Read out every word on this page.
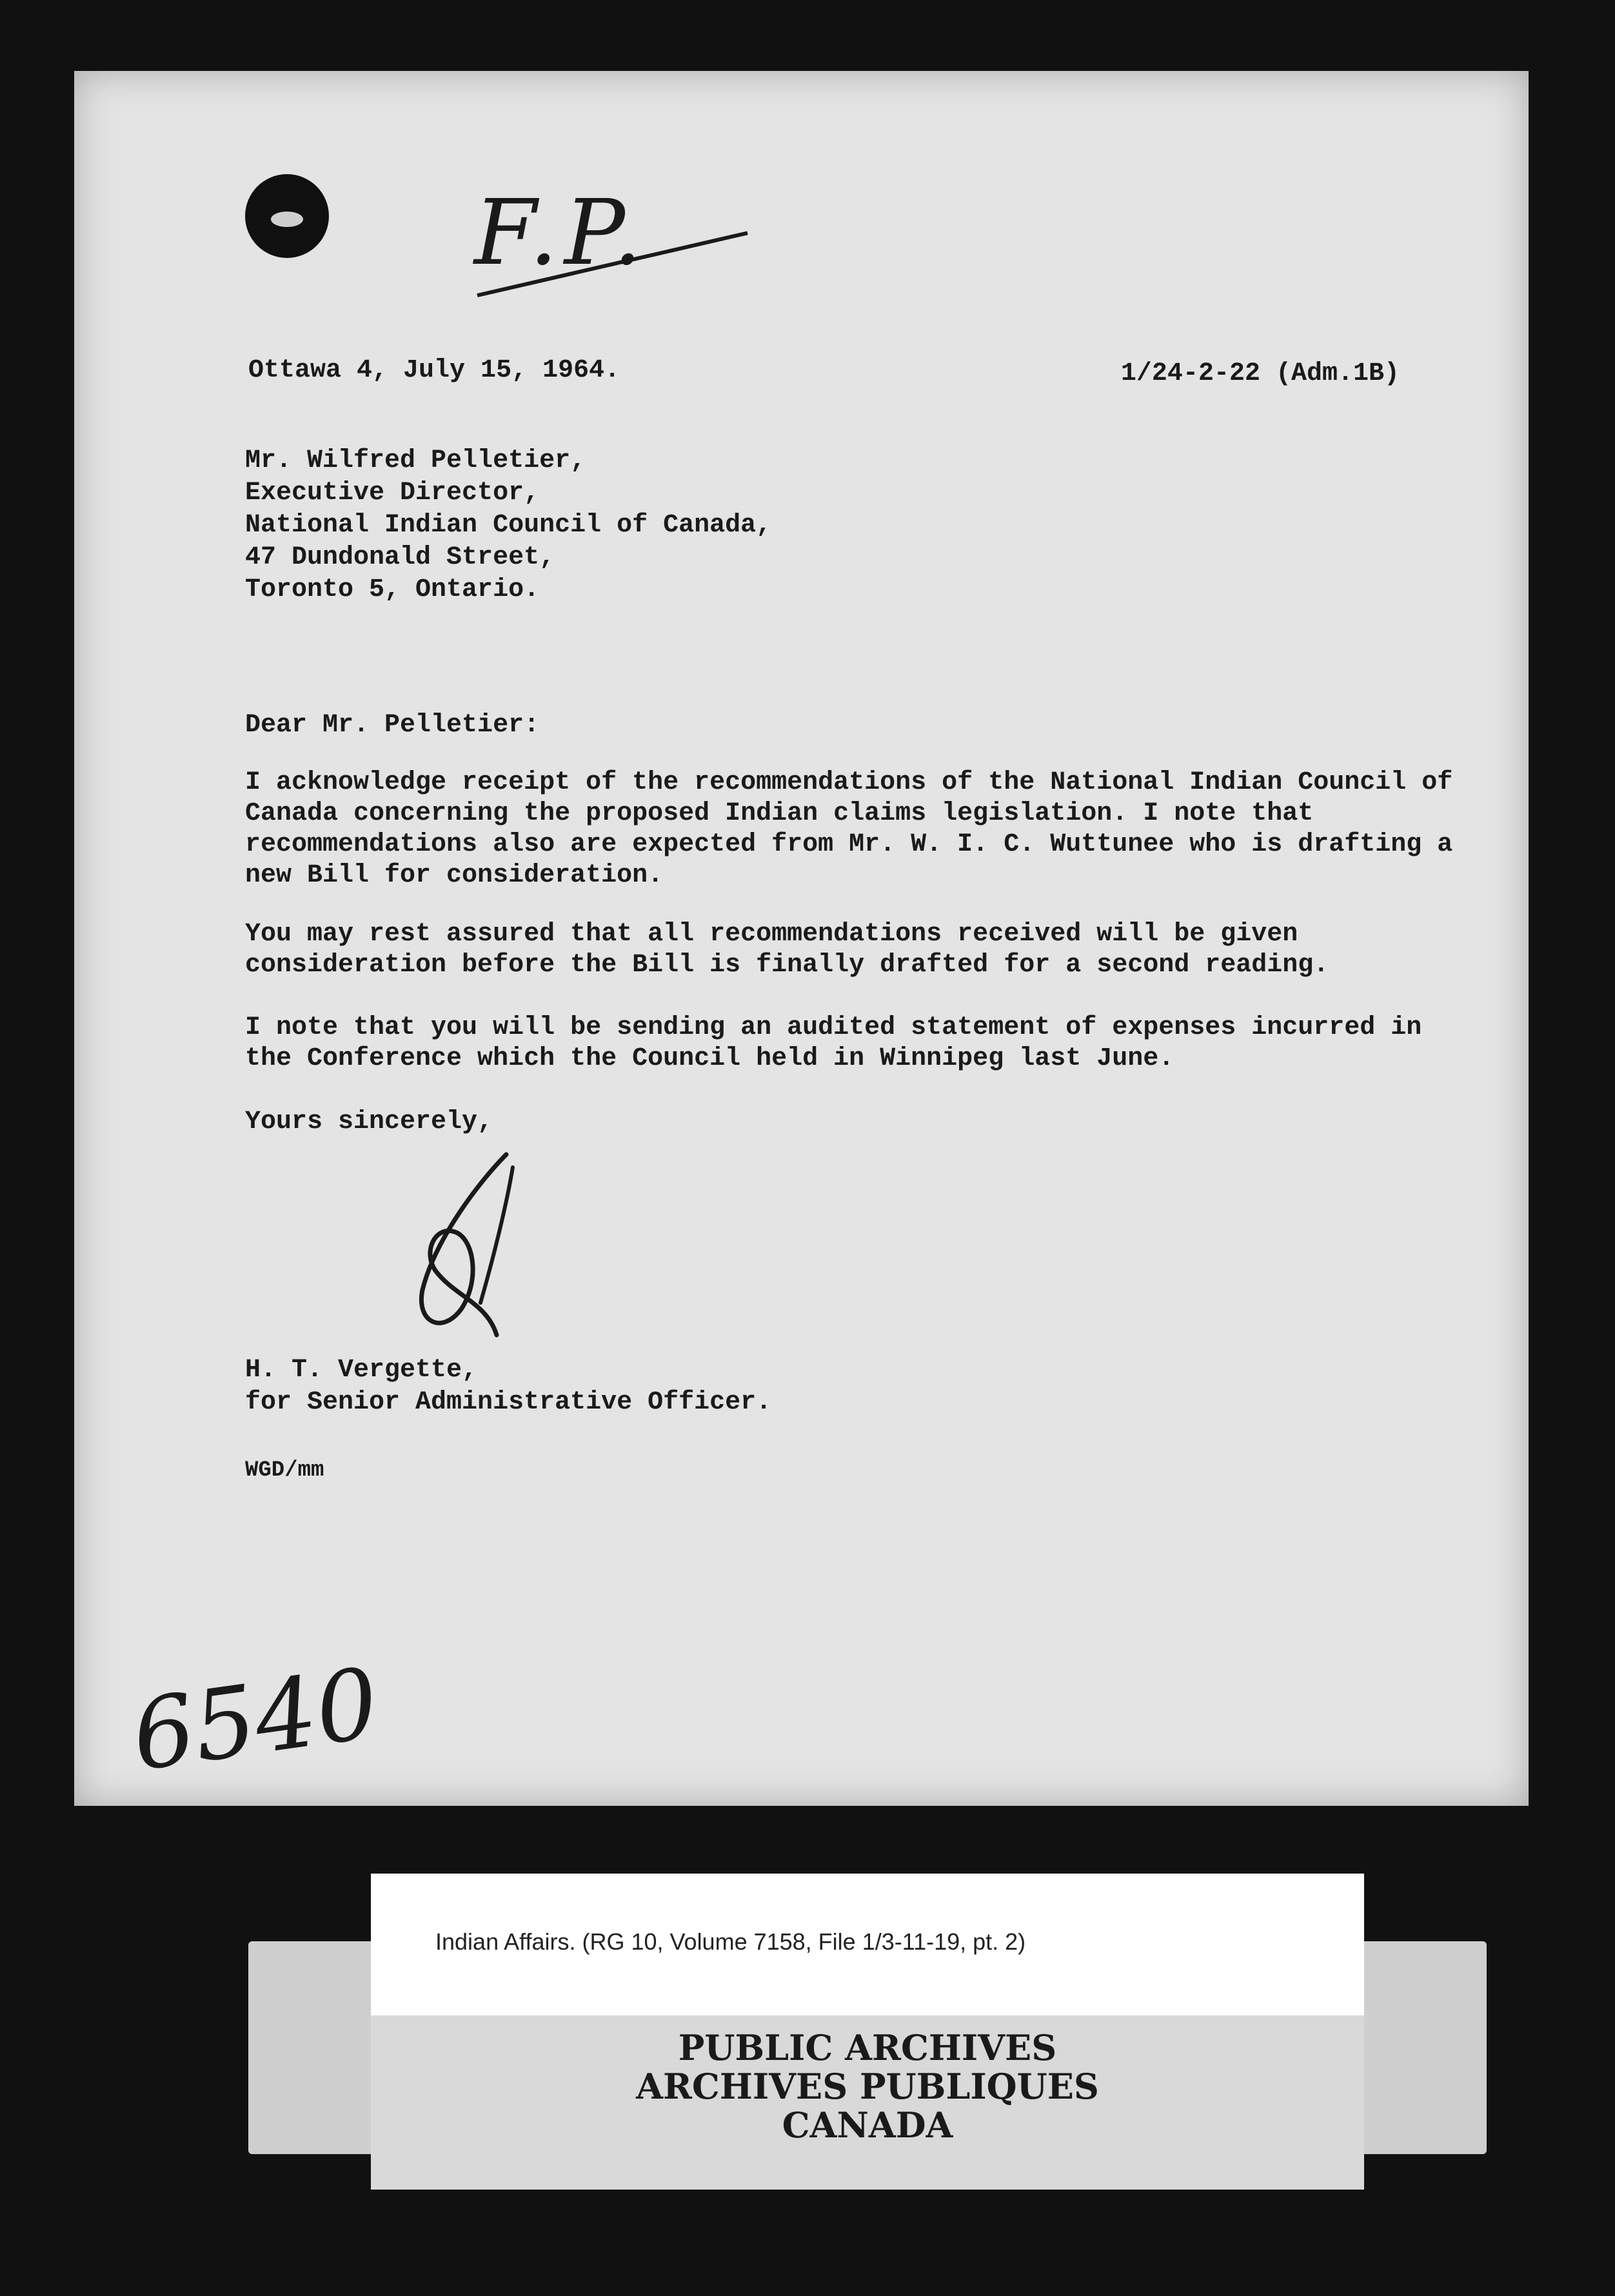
F.P.
Ottawa 4, July 15, 1964.	1/24-2-22 (Adm.1B)
Mr. Wilfred Pelletier,
Executive Director,
National Indian Council of Canada,
47 Dundonald Street,
Toronto 5, Ontario.
Dear Mr. Pelletier:
I acknowledge receipt of the recommendations of the National Indian Council of Canada concerning the proposed Indian claims legislation. I note that recommendations also are expected from Mr. W. I. C. Wuttunee who is drafting a new Bill for consideration.
You may rest assured that all recommendations received will be given consideration before the Bill is finally drafted for a second reading.
I note that you will be sending an audited statement of expenses incurred in the Conference which the Council held in Winnipeg last June.
Yours sincerely,
H. T. Vergette,
for Senior Administrative Officer.
WGD/mm
6540
Indian Affairs. (RG 10, Volume 7158, File 1/3-11-19, pt. 2)
PUBLIC ARCHIVES
ARCHIVES PUBLIQUES
CANADA
